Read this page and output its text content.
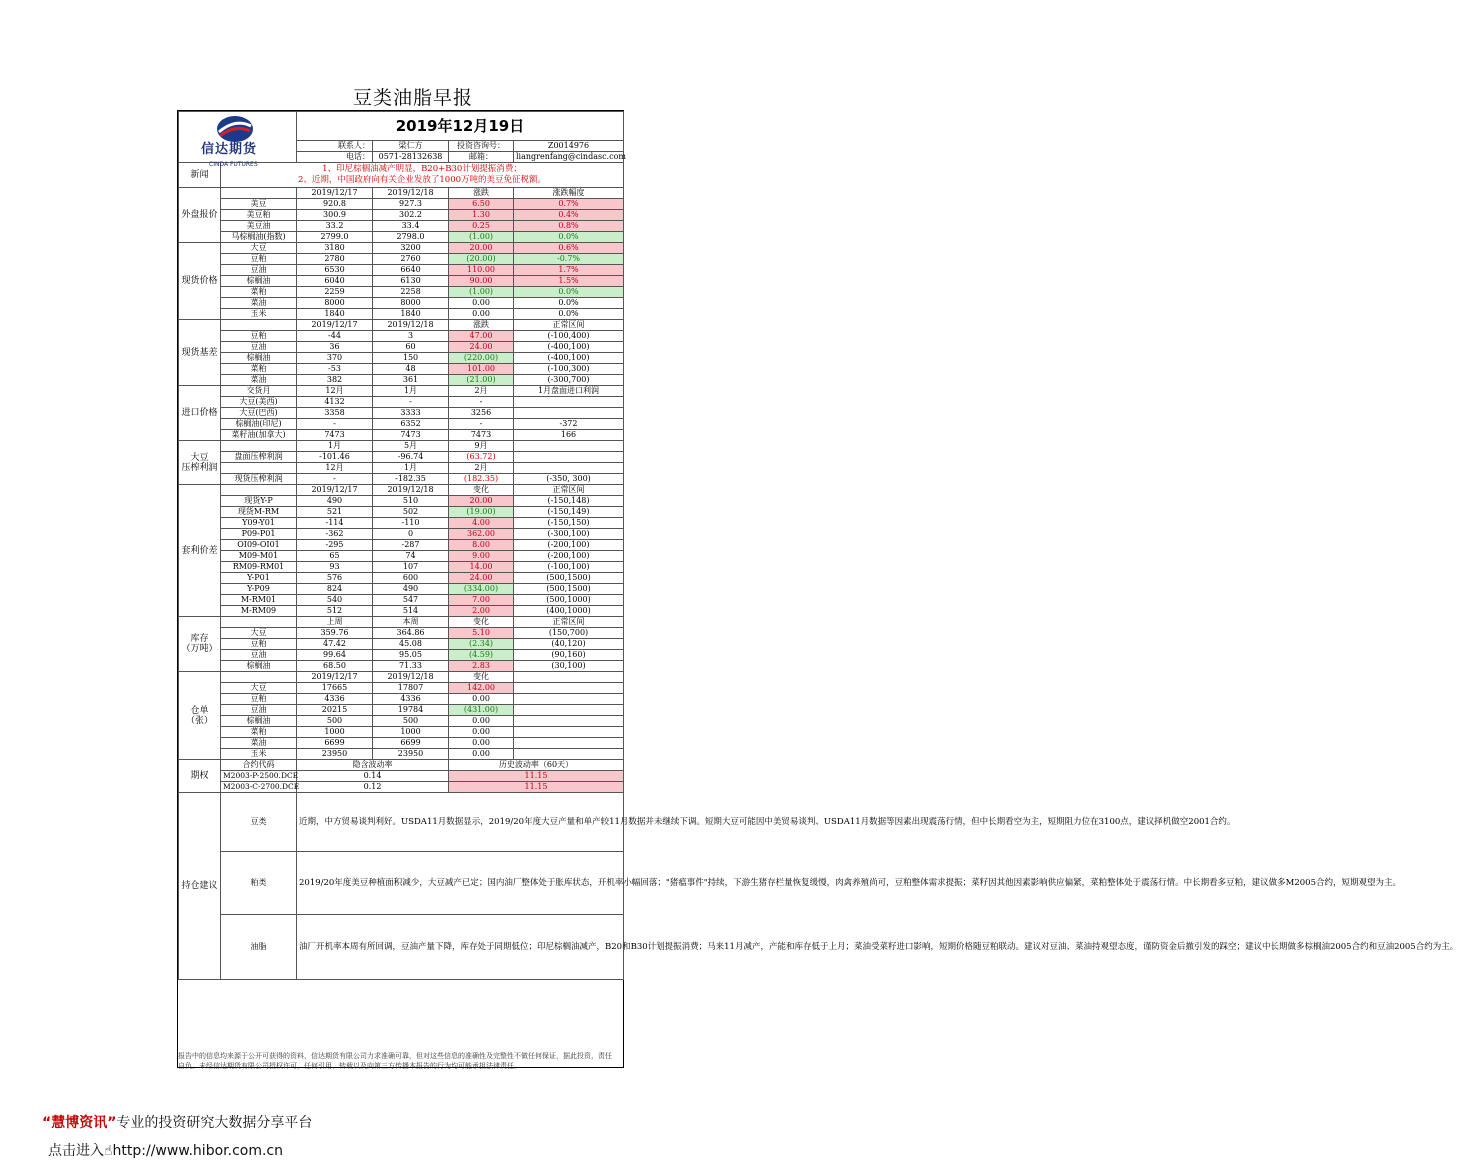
豆类油脂早报
信达期货
CINDA FUTURES		2019年12月19日			
		联系人：	梁仁方	投资咨询号：	Z0014976
		电话：	0571-28132638	邮箱：	liangrenfang@cindasc.com
新闻	1、印尼棕榈油减产明显，B20+B30计划提振消费；
2、近期，中国政府向有关企业发放了1000万吨的美豆免征税额。				

外盘报价		2019/12/17	2019/12/18	涨跌	涨跌幅度
	美豆	920.8	927.3	6.50	0.7%
	美豆粕	300.9	302.2	1.30	0.4%
	美豆油	33.2	33.4	0.25	0.8%
	马棕榈油(指数)	2799.0	2798.0	(1.00)	0.0%
现货价格	大豆	3180	3200	20.00	0.6%
	豆粕	2780	2760	(20.00)	-0.7%
	豆油	6530	6640	110.00	1.7%
	棕榈油	6040	6130	90.00	1.5%
	菜粕	2259	2258	(1.00)	0.0%
	菜油	8000	8000	0.00	0.0%
	玉米	1840	1840	0.00	0.0%
现货基差		2019/12/17	2019/12/18	涨跌	正常区间
	豆粕	-44	3	47.00	(-100,400)
	豆油	36	60	24.00	(-400,100)
	棕榈油	370	150	(220.00)	(-400,100)
	菜粕	-53	48	101.00	(-100,300)
	菜油	382	361	(21.00)	(-300,700)
进口价格	交货月	12月	1月	2月	1月盘面进口利润
	大豆(美西)	4132	-	-	
	大豆(巴西)	3358	3333	3256	
	棕榈油(印尼)	-	6352	-	-372
	菜籽油(加拿大)	7473	7473	7473	166

大豆
压榨利润		1月	5月	9月	
	盘面压榨利润	-101.46	-96.74	(63.72)	
		12月	1月	2月	
	现货压榨利润	-	-182.35	(182.35)	(-350, 300)
套利价差		2019/12/17	2019/12/18	变化	正常区间
	现货Y-P	490	510	20.00	(-150,148)
	现货M-RM	521	502	(19.00)	(-150,149)
	Y09-Y01	-114	-110	4.00	(-150,150)
	P09-P01	-362	0	362.00	(-300,100)
	OI09-OI01	-295	-287	8.00	(-200,100)
	M09-M01	65	74	9.00	(-200,100)
	RM09-RM01	93	107	14.00	(-100,100)
	Y-P01	576	600	24.00	(500,1500)
	Y-P09	824	490	(334.00)	(500,1500)
	M-RM01	540	547	7.00	(500,1000)
	M-RM09	512	514	2.00	(400,1000)

库存
（万吨）		上周	本周	变化	正常区间
	大豆	359.76	364.86	5.10	(150,700)
	豆粕	47.42	45.08	(2.34)	(40,120)
	豆油	99.64	95.05	(4.59)	(90,160)
	棕榈油	68.50	71.33	2.83	(30,100)

仓单
（张）		2019/12/17	2019/12/18	变化	
	大豆	17665	17807	142.00	
	豆粕	4336	4336	0.00	
	豆油	20215	19784	(431.00)	
	棕榈油	500	500	0.00	
	菜粕	1000	1000	0.00	
	菜油	6699	6699	0.00	
	玉米	23950	23950	0.00	
期权	合约代码	隐含波动率		历史波动率（60天）	
	M2003-P-2500.DCE	0.14		11.15	
	M2003-C-2700.DCE	0.12		11.15	
持仓建议	豆类	近期，中方贸易谈判利好。USDA11月数据显示，2019/20年度大豆产量和单产较11月数据并未继续下调。短期大豆可能因中美贸易谈判、USDA11月数据等因素出现震荡行情，但中长期看空为主，短期阻力位在3100点，建议择机做空2001合约。			
	粕类	2019/20年度美豆种植面积减少，大豆减产已定；国内油厂整体处于胀库状态，开机率小幅回落；"猪瘟事件"持续，下游生猪存栏量恢复缓慢，肉禽养殖尚可，豆粕整体需求提振；菜籽因其他因素影响供应偏紧，菜粕整体处于震荡行情。中长期看多豆粕，建议做多M2005合约，短期观望为主。			
	油脂	油厂开机率本周有所回调，豆油产量下降，库存处于同期低位；印尼棕榈油减产，B20和B30计划提振消费；马来11月减产，产能和库存低于上月；菜油受菜籽进口影响，短期价格随豆粕联动。建议对豆油、菜油持观望态度，谨防资金后撤引发的踩空；建议中长期做多棕榈油2005合约和豆油2005合约为主。			
报告中的信息均来源于公开可获得的资料，信达期货有限公司力求准确可靠，但对这些信息的准确性及完整性不做任何保证，据此投资，责任自负。未经信达期货有限公司授权许可，任何引用、转载以及向第三方传播本报告的行为均可能承担法律责任。
“慧博资讯”专业的投资研究大数据分享平台
点击进入☝http://www.hibor.com.cn
